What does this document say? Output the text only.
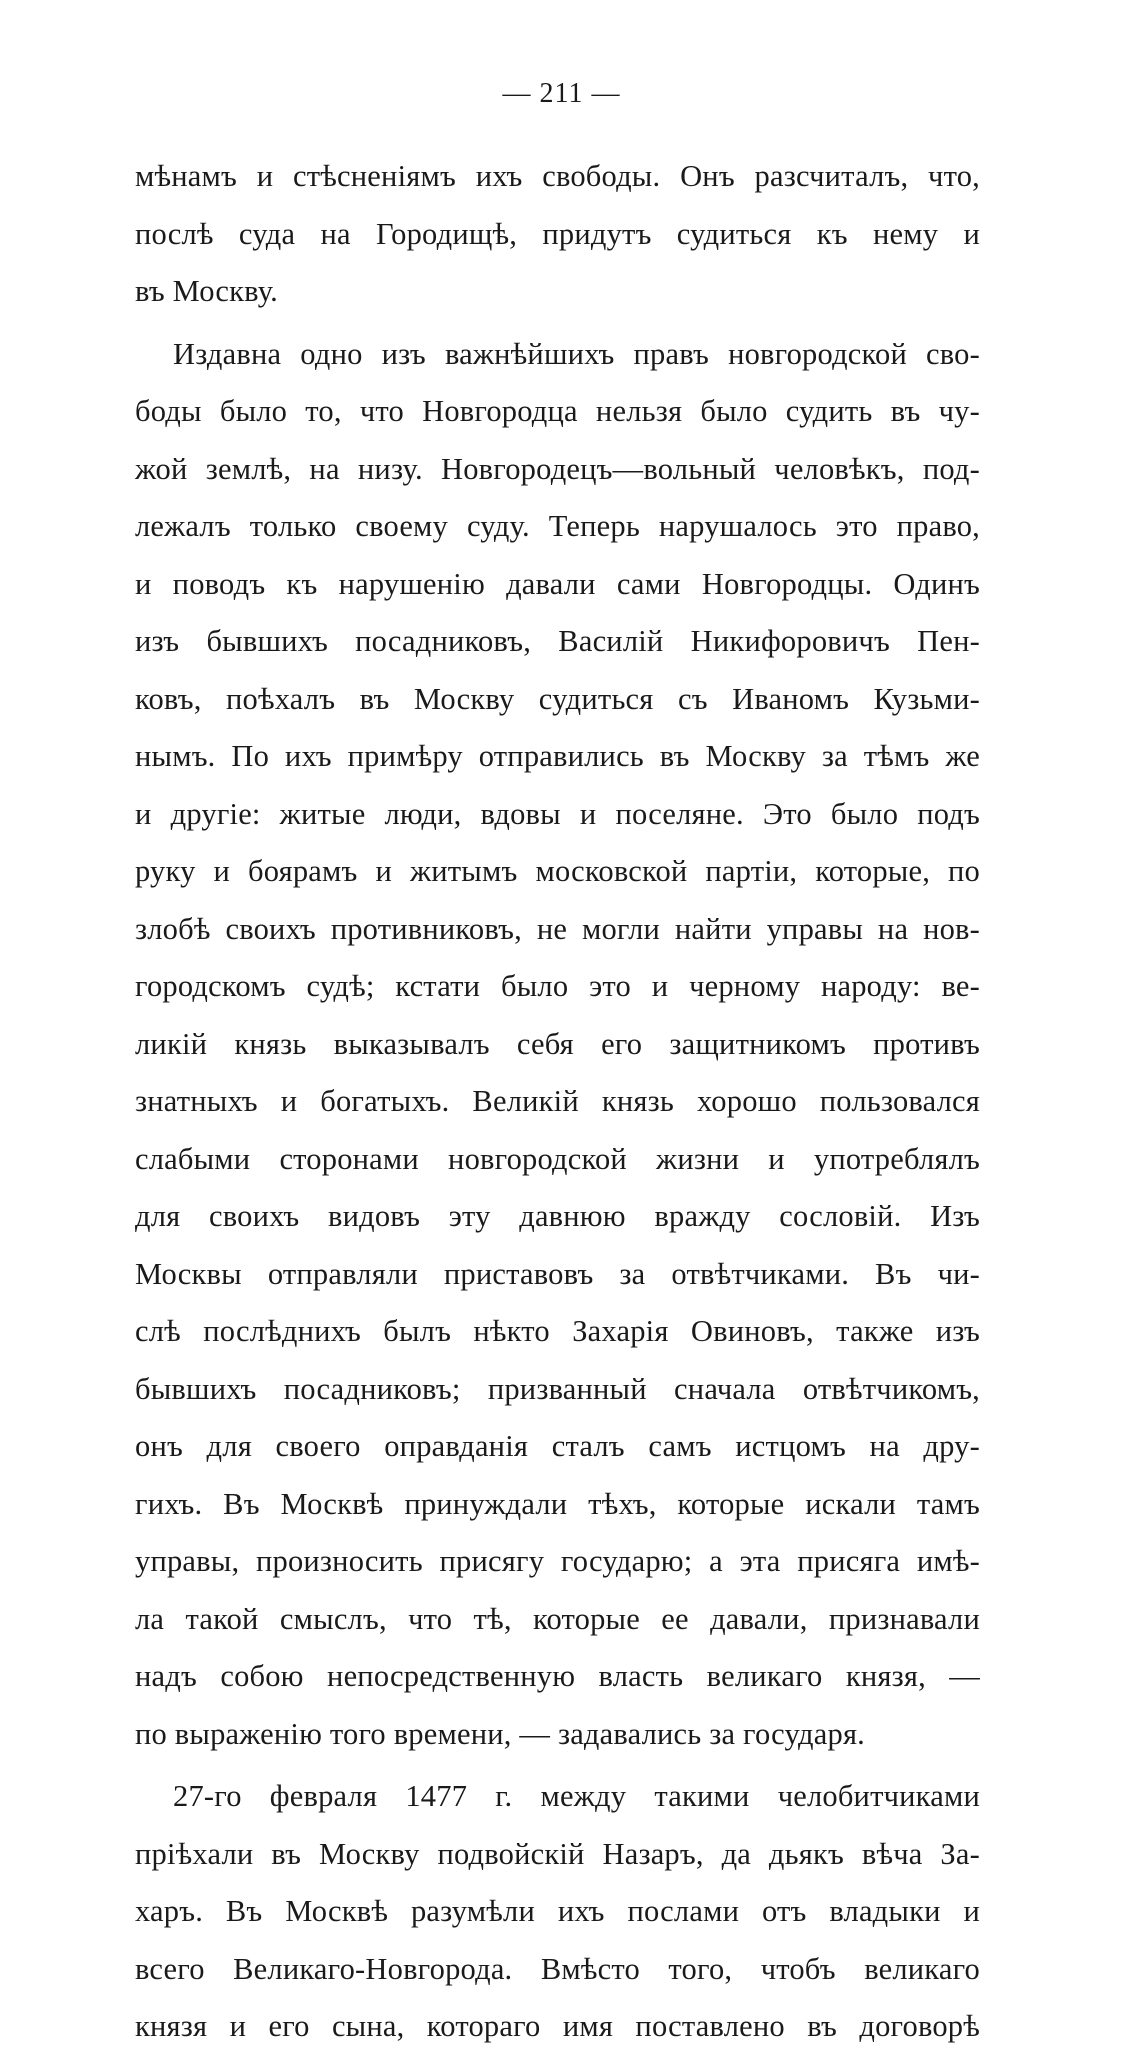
— 211 —
мѣнамъ и стѣсненіямъ ихъ свободы. Онъ разсчиталъ, что,
послѣ суда на Городищѣ, придутъ судиться къ нему и
въ Москву.
Издавна одно изъ важнѣйшихъ правъ новгородской сво-
боды было то, что Новгородца нельзя было судить въ чу-
жой землѣ, на низу. Новгородецъ—вольный человѣкъ, под-
лежалъ только своему суду. Теперь нарушалось это право,
и поводъ къ нарушенію давали сами Новгородцы. Одинъ
изъ бывшихъ посадниковъ, Василій Никифоровичъ Пен-
ковъ, поѣхалъ въ Москву судиться съ Иваномъ Кузьми-
нымъ. По ихъ примѣру отправились въ Москву за тѣмъ же
и другіе: житые люди, вдовы и поселяне. Это было подъ
руку и боярамъ и житымъ московской партіи, которые, по
злобѣ своихъ противниковъ, не могли найти управы на нов-
городскомъ судѣ; кстати было это и черному народу: ве-
ликій князь выказывалъ себя его защитникомъ противъ
знатныхъ и богатыхъ. Великій князь хорошо пользовался
слабыми сторонами новгородской жизни и употреблялъ
для своихъ видовъ эту давнюю вражду сословій. Изъ
Москвы отправляли приставовъ за отвѣтчиками. Въ чи-
слѣ послѣднихъ былъ нѣкто Захарія Овиновъ, также изъ
бывшихъ посадниковъ; призванный сначала отвѣтчикомъ,
онъ для своего оправданія сталъ самъ истцомъ на дру-
гихъ. Въ Москвѣ принуждали тѣхъ, которые искали тамъ
управы, произносить присягу государю; а эта присяга имѣ-
ла такой смыслъ, что тѣ, которые ее давали, признавали
надъ собою непосредственную власть великаго князя, —
по выраженію того времени, — задавались за государя.
27-го февраля 1477 г. между такими челобитчиками
пріѣхали въ Москву подвойскій Назаръ, да дьякъ вѣча За-
харъ. Въ Москвѣ разумѣли ихъ послами отъ владыки и
всего Великаго-Новгорода. Вмѣсто того, чтобъ великаго
князя и его сына, котораго имя поставлено въ договорѣ
